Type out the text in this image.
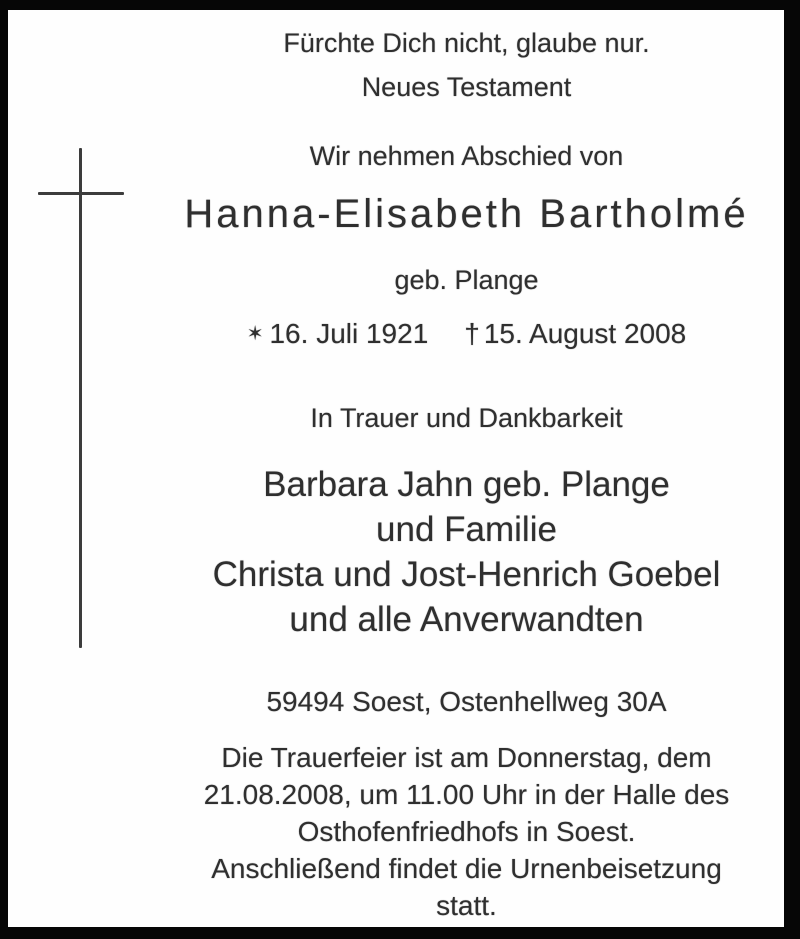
Fürchte Dich nicht, glaube nur.
Neues Testament
Wir nehmen Abschied von
Hanna-Elisabeth Bartholmé
geb. Plange
✶16. Juli 1921 †15. August 2008
In Trauer und Dankbarkeit
Barbara Jahn geb. Plange
und Familie
Christa und Jost-Henrich Goebel
und alle Anverwandten
59494 Soest, Ostenhellweg 30A
Die Trauerfeier ist am Donnerstag, dem
21.08.2008, um 11.00 Uhr in der Halle des
Osthofenfriedhofs in Soest.
Anschließend findet die Urnenbeisetzung
statt.
